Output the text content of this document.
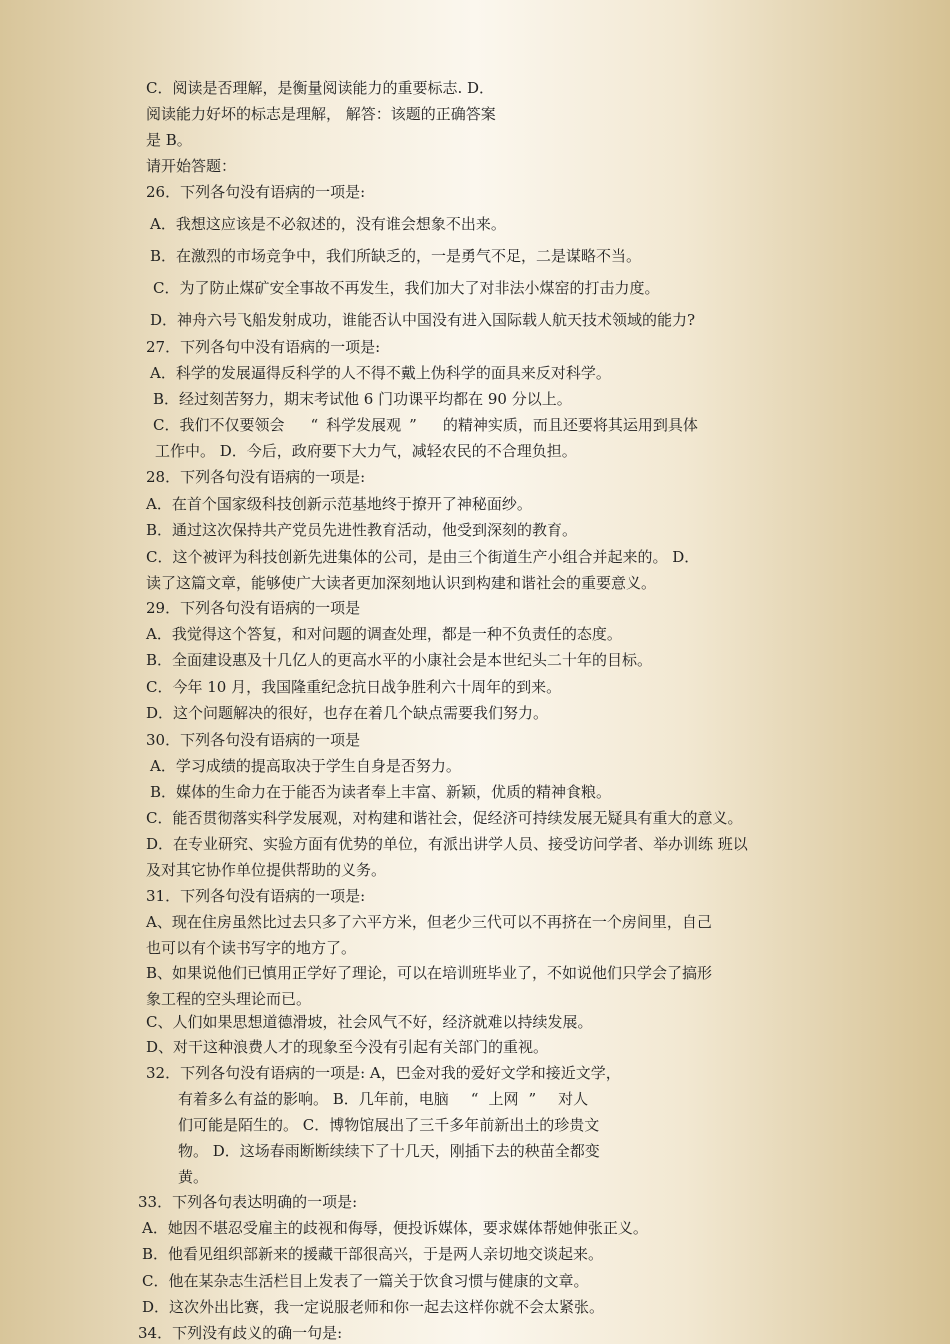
C．阅读是否理解，是衡量阅读能力的重要标志. D．
阅读能力好坏的标志是理解， 解答：该题的正确答案
是 B。
请开始答题：
26．下列各句没有语病的一项是:
A．我想这应该是不必叙述的，没有谁会想象不出来。
B．在激烈的市场竞争中，我们所缺乏的，一是勇气不足，二是谋略不当。
C．为了防止煤矿安全事故不再发生，我们加大了对非法小煤窑的打击力度。
D．神舟六号飞船发射成功，谁能否认中国没有进入国际载人航天技术领域的能力?
27．下列各句中没有语病的一项是:
A．科学的发展逼得反科学的人不得不戴上伪科学的面具来反对科学。
B．经过刻苦努力，期末考试他 6 门功课平均都在 90 分以上。
C．我们不仅要领会 “ 科学发展观 ” 的精神实质，而且还要将其运用到具体
工作中。 D．今后，政府要下大力气，减轻农民的不合理负担。
28．下列各句没有语病的一项是:
A．在首个国家级科技创新示范基地终于撩开了神秘面纱。
B．通过这次保持共产党员先进性教育活动，他受到深刻的教育。
C．这个被评为科技创新先进集体的公司，是由三个街道生产小组合并起来的。 D．
读了这篇文章，能够使广大读者更加深刻地认识到构建和谐社会的重要意义。
29．下列各句没有语病的一项是
A．我觉得这个答复，和对问题的调查处理，都是一种不负责任的态度。
B．全面建设惠及十几亿人的更高水平的小康社会是本世纪头二十年的目标。
C．今年 10 月，我国隆重纪念抗日战争胜利六十周年的到来。
D．这个问题解决的很好，也存在着几个缺点需要我们努力。
30．下列各句没有语病的一项是
A．学习成绩的提高取决于学生自身是否努力。
B．媒体的生命力在于能否为读者奉上丰富、新颖，优质的精神食粮。
C．能否贯彻落实科学发展观，对构建和谐社会，促经济可持续发展无疑具有重大的意义。
D．在专业研究、实验方面有优势的单位，有派出讲学人员、接受访问学者、举办训练 班以
及对其它协作单位提供帮助的义务。
31．下列各句没有语病的一项是:
A、现在住房虽然比过去只多了六平方米，但老少三代可以不再挤在一个房间里，自己
也可以有个读书写字的地方了。
B、如果说他们已慎用正学好了理论，可以在培训班毕业了，不如说他们只学会了搞形
象工程的空头理论而已。
C、人们如果思想道德滑坡，社会风气不好，经济就难以持续发展。
D、对干这种浪费人才的现象至今没有引起有关部门的重视。
32．下列各句没有语病的一项是: A，巴金对我的爱好文学和接近文学，
有着多么有益的影响。 B．几年前，电脑 “ 上网 ” 对人
们可能是陌生的。 C．博物馆展出了三千多年前新出土的珍贵文
物。 D．这场春雨断断续续下了十几天，刚插下去的秧苗全都变
黄。
33．下列各句表达明确的一项是:
A．她因不堪忍受雇主的歧视和侮辱，便投诉媒体，要求媒体帮她伸张正义。
B．他看见组织部新来的援藏干部很高兴，于是两人亲切地交谈起来。
C．他在某杂志生活栏目上发表了一篇关于饮食习惯与健康的文章。
D．这次外出比赛，我一定说服老师和你一起去这样你就不会太紧张。
34．下列没有歧义的确一句是:
